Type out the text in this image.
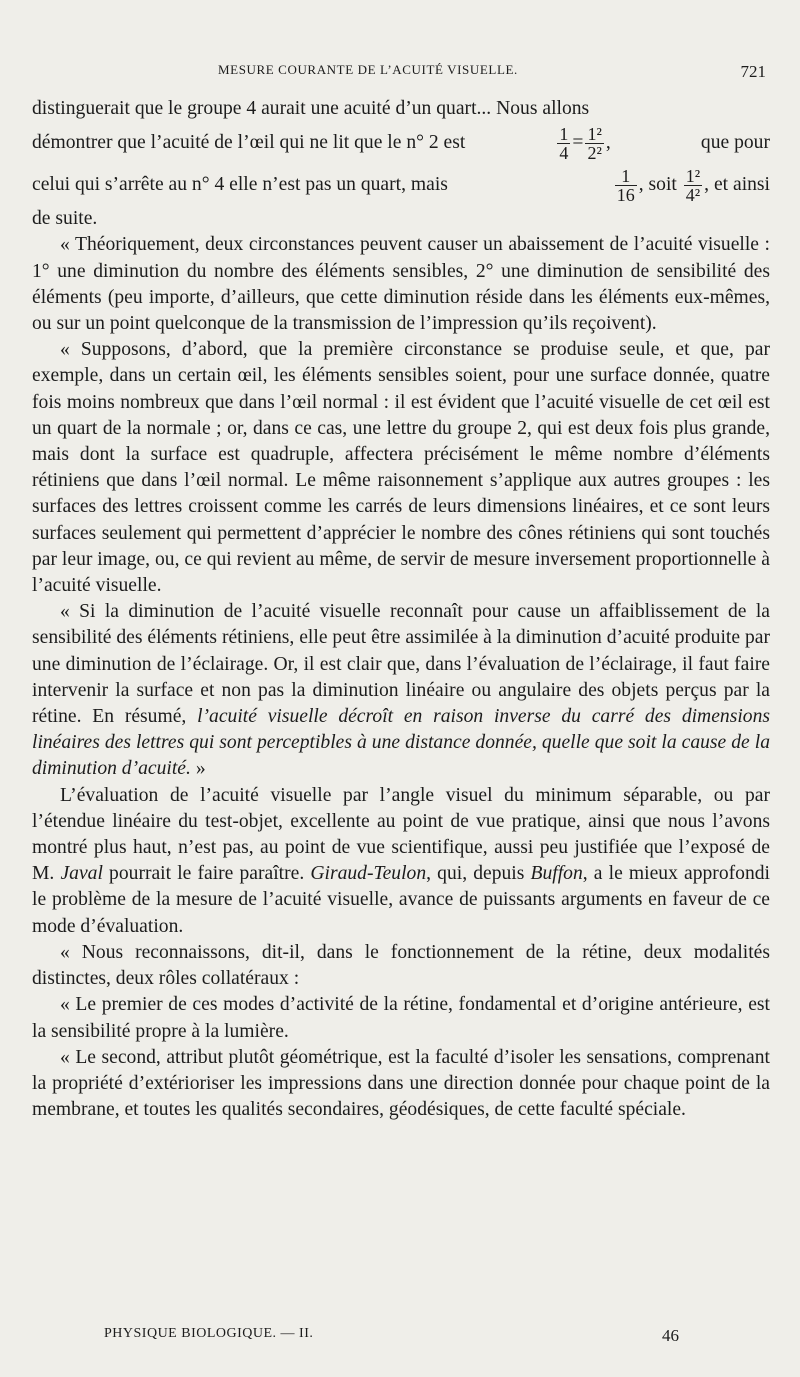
MESURE COURANTE DE L’ACUITÉ VISUELLE.	721

distinguerait que le groupe 4 aurait une acuité d’un quart... Nous allons

démontrer que l’acuité de l’œil qui ne lit que le n° 2 est	$\frac{1}{4} = \frac{\text{1²}}{\text{2²}}$ ,	que pour
celui qui s’arrête au n° 4 elle n’est pas un quart, mais	$\frac{1}{16}$ , soit $\frac{\text{1²}}{\text{4²}}$ , et ainsi

de suite.

« Théoriquement, deux circonstances peuvent causer un abaissement de l’acuité visuelle : 1° une diminution du nombre des éléments sensibles, 2° une diminution de sensibilité des éléments (peu importe, d’ailleurs, que cette diminution réside dans les éléments eux-mêmes, ou sur un point quelconque de la transmission de l’impression qu’ils reçoivent).

« Supposons, d’abord, que la première circonstance se produise seule, et que, par exemple, dans un certain œil, les éléments sensibles soient, pour une surface donnée, quatre fois moins nombreux que dans l’œil normal : il est évident que l’acuité visuelle de cet œil est un quart de la normale ; or, dans ce cas, une lettre du groupe 2, qui est deux fois plus grande, mais dont la surface est quadruple, affectera précisément le même nombre d’éléments rétiniens que dans l’œil normal. Le même raisonnement s’applique aux autres groupes : les surfaces des lettres croissent comme les carrés de leurs dimensions linéaires, et ce sont leurs surfaces seulement qui permettent d’apprécier le nombre des cônes rétiniens qui sont touchés par leur image, ou, ce qui revient au même, de servir de mesure inversement proportionnelle à l’acuité visuelle.

« Si la diminution de l’acuité visuelle reconnaît pour cause un affaiblissement de la sensibilité des éléments rétiniens, elle peut être assimilée à la diminution d’acuité produite par une diminution de l’éclairage. Or, il est clair que, dans l’évaluation de l’éclairage, il faut faire intervenir la surface et non pas la diminution linéaire ou angulaire des objets perçus par la rétine. En résumé, l’acuité visuelle décroît en raison inverse du carré des dimensions linéaires des lettres qui sont perceptibles à une distance donnée, quelle que soit la cause de la diminution d’acuité. »

L’évaluation de l’acuité visuelle par l’angle visuel du minimum séparable, ou par l’étendue linéaire du test-objet, excellente au point de vue pratique, ainsi que nous l’avons montré plus haut, n’est pas, au point de vue scientifique, aussi peu justifiée que l’exposé de M. Javal pourrait le faire paraître. Giraud-Teulon, qui, depuis Buffon, a le mieux approfondi le problème de la mesure de l’acuité visuelle, avance de puissants arguments en faveur de ce mode d’évaluation.

« Nous reconnaissons, dit-il, dans le fonctionnement de la rétine, deux modalités distinctes, deux rôles collatéraux :

« Le premier de ces modes d’activité de la rétine, fondamental et d’origine antérieure, est la sensibilité propre à la lumière.

« Le second, attribut plutôt géométrique, est la faculté d’isoler les sensations, comprenant la propriété d’extérioriser les impressions dans une direction donnée pour chaque point de la membrane, et toutes les qualités secondaires, géodésiques, de cette faculté spéciale.

PHYSIQUE BIOLOGIQUE. — II.	46
